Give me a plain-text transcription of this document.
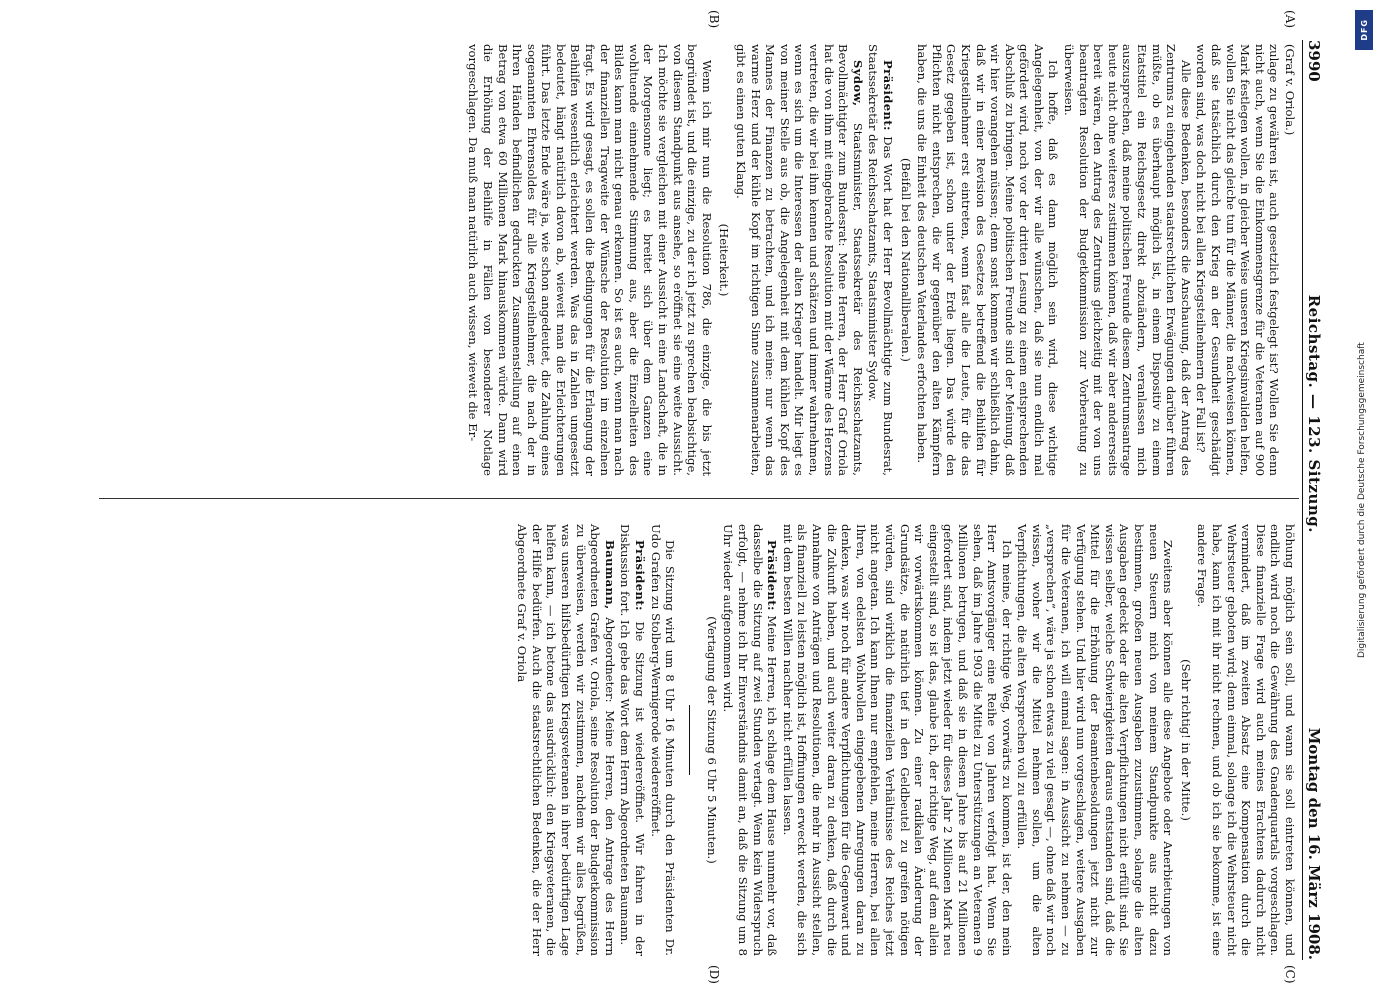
3990
Reichstag. — 123. Sitzung.
Montag den 16. März 1908.
(A)
(B)
(C)
(D)

(Graf v. Oriola.)

zulage zu gewähren ist, auch gesetzlich festgelegt ist? Wollen Sie denn nicht auch, wenn Sie die Einkommensgrenze für die Veteranen auf 900 Mark festlegen wollen, in gleicher Weise unseren Kriegsinvaliden helfen, wollen Sie nicht das gleiche tun für die Männer, die nachweisen können, daß sie tatsächlich durch den Krieg an der Gesundheit geschädigt worden sind, was doch nicht bei allen Kriegsteilnehmern der Fall ist?

Alle diese Bedenken, besonders die Anschauung, daß der Antrag des Zentrums zu eingehenden staatsrechtlichen Erwägungen darüber führen müßte, ob es überhaupt möglich ist, in einem Dispositiv zu einem Etatstitel ein Reichsgesetz direkt abzuändern, veranlassen mich auszusprechen, daß meine politischen Freunde diesem Zentrumsantrage heute nicht ohne weiteres zustimmen können, daß wir aber andererseits bereit wären, den Antrag des Zentrums gleichzeitig mit der von uns beantragten Resolution der Budgetkommission zur Vorberatung zu überweisen.

Ich hoffe, daß es dann möglich sein wird, diese wichtige Angelegenheit, von der wir alle wünschen, daß sie nun endlich mal gefördert wird, noch vor der dritten Lesung zu einem entsprechenden Abschluß zu bringen. Meine politischen Freunde sind der Meinung, daß wir hier vorangehen müssen; denn sonst kommen wir schließlich dahin, daß wir in einer Revision des Gesetzes betreffend die Beihilfen für Kriegsteilnehmer erst eintreten, wenn fast alle die Leute, für die das Gesetz gegeben ist, schon unter der Erde liegen. Das würde den Pflichten nicht entsprechen, die wir gegenüber den alten Kämpfern haben, die uns die Einheit des deutschen Vaterlandes erfochten haben.

(Beifall bei den Nationalliberalen.)

Präsident: Das Wort hat der Herr Bevollmächtigte zum Bundesrat, Staatssekretär des Reichsschatzamts, Staatsminister Sydow.

Sydow, Staatsminister, Staatssekretär des Reichsschatzamts, Bevollmächtigter zum Bundesrat: Meine Herren, der Herr Graf Oriola hat die von ihm mit eingebrachte Resolution mit der Wärme des Herzens vertreten, die wir bei ihm kennen und schätzen und immer wahrnehmen, wenn es sich um die Interessen der alten Krieger handelt. Mir liegt es von meiner Stelle aus ob, die Angelegenheit mit dem kühlen Kopf des Mannes der Finanzen zu betrachten, und ich meine: nur wenn das warme Herz und der kühle Kopf im richtigen Sinne zusammenarbeiten, gibt es einen guten Klang.

(Heiterkeit.)

Wenn ich mir nun die Resolution 786, die einzige, die bis jetzt begründet ist, und die einzige, zu der ich jetzt zu sprechen beabsichtige, von diesem Standpunkt aus ansehe, so eröffnet sie eine weite Aussicht. Ich möchte sie vergleichen mit einer Aussicht in eine Landschaft, die in der Morgensonne liegt; es breitet sich über dem Ganzen eine wohltuende einnehmende Stimmung aus, aber die Einzelheiten des Bildes kann man nicht genau erkennen. So ist es auch, wenn man nach der finanziellen Tragweite der Wünsche der Resolution im einzelnen fragt. Es wird gesagt, es sollen die Bedingungen für die Erlangung der Beihilfen wesentlich erleichtert werden. Was das in Zahlen umgesetzt bedeutet, hängt natürlich davon ab, wieweit man die Erleichterungen führt. Das letzte Ende wäre ja, wie schon angedeutet, die Zahlung eines sogenannten Ehrensoldes für alle Kriegsteilnehmer, die nach der in Ihren Händen befindlichen gedruckten Zusammenstellung auf einen Betrag von etwa 60 Millionen Mark hinauskommen würde. Dann wird die Erhöhung der Beihilfe in Fällen von besonderer Notlage vorgeschlagen. Da muß man natürlich auch wissen, wieweit die Er-

höhung möglich sein soll, und wann sie soll eintreten können, und endlich wird noch die Gewährung des Gnadenquartals vorgeschlagen. Diese finanzielle Frage wird auch meines Erachtens dadurch nicht vermindert, daß im zweiten Absatz eine Kompensation durch die Wehrsteuer geboten wird; denn einmal, solange ich die Wehrsteuer nicht habe, kann ich mit ihr nicht rechnen, und ob ich sie bekomme, ist eine andere Frage.

(Sehr richtig! in der Mitte.)

Zweitens aber können alle diese Angebote oder Anerbietungen von neuen Steuern mich von meinem Standpunkte aus nicht dazu bestimmen, großen neuen Ausgaben zuzustimmen, solange die alten Ausgaben gedeckt oder die alten Verpflichtungen nicht erfüllt sind. Sie wissen selber, welche Schwierigkeiten daraus entstanden sind, daß die Mittel für die Erhöhung der Beamtenbesoldungen jetzt nicht zur Verfügung stehen. Und hier wird nun vorgeschlagen, weitere Ausgaben für die Veteranen, ich will einmal sagen: in Aussicht zu nehmen — zu „versprechen“, wäre ja schon etwas zu viel gesagt —, ohne daß wir noch wissen, woher wir die Mittel nehmen sollen, um die alten Verpflichtungen, die alten Versprechen voll zu erfüllen.

Ich meine, der richtige Weg, vorwärts zu kommen, ist der, den mein Herr Amtsvorgänger eine Reihe von Jahren verfolgt hat. Wenn Sie sehen, daß im Jahre 1903 die Mittel zu Unterstützungen an Veteranen 9 Millionen betrugen, und daß sie in diesem Jahre bis auf 21 Millionen gefordert sind, indem jetzt wieder für dieses Jahr 2 Millionen Mark neu eingestellt sind, so ist das, glaube ich, der richtige Weg, auf dem allein wir vorwärtskommen können. Zu einer radikalen Änderung der Grundsätze, die natürlich tief in den Geldbeutel zu greifen nötigen würden, sind wirklich die finanziellen Verhältnisse des Reiches jetzt nicht angetan. Ich kann Ihnen nur empfehlen, meine Herren, bei allen Ihren, von edelsten Wohlwollen eingegebenen Anregungen daran zu denken, was wir noch für andere Verpflichtungen für die Gegenwart und die Zukunft haben, und auch weiter daran zu denken, daß durch die Annahme von Anträgen und Resolutionen, die mehr in Aussicht stellen, als finanziell zu leisten möglich ist, Hoffnungen erweckt werden, die sich mit dem besten Willen nachher nicht erfüllen lassen.

Präsident: Meine Herren, ich schlage dem Hause nunmehr vor, daß dasselbe die Sitzung auf zwei Stunden vertagt. Wenn kein Widerspruch erfolgt, — nehme ich Ihr Einverständnis damit an, daß die Sitzung um 8 Uhr wieder aufgenommen wird.

(Vertagung der Sitzung 6 Uhr 5 Minuten.)

Die Sitzung wird um 8 Uhr 16 Minuten durch den Präsidenten Dr. Udo Grafen zu Stolberg-Wernigerode wiedereröffnet.

Präsident: Die Sitzung ist wiedereröffnet. Wir fahren in der Diskussion fort. Ich gebe das Wort dem Herrn Abgeordneten Baumann.

Baumann, Abgeordneter: Meine Herren, den Antrage des Herrn Abgeordneten Grafen v. Oriola, seine Resolution der Budgetkommission zu überweisen, werden wir zustimmen, nachdem wir alles begrüßen, was unseren hilfsbedürftigen Kriegsveteranen in ihrer bedürftigen Lage helfen kann, — ich betone das ausdrücklich: den Kriegsveteranen, die der Hilfe bedürfen. Auch die staatsrechtlichen Bedenken, die der Herr Abgeordnete Graf v. Oriola

DFG
Digitalisierung gefördert durch die Deutsche Forschungsgemeinschaft
